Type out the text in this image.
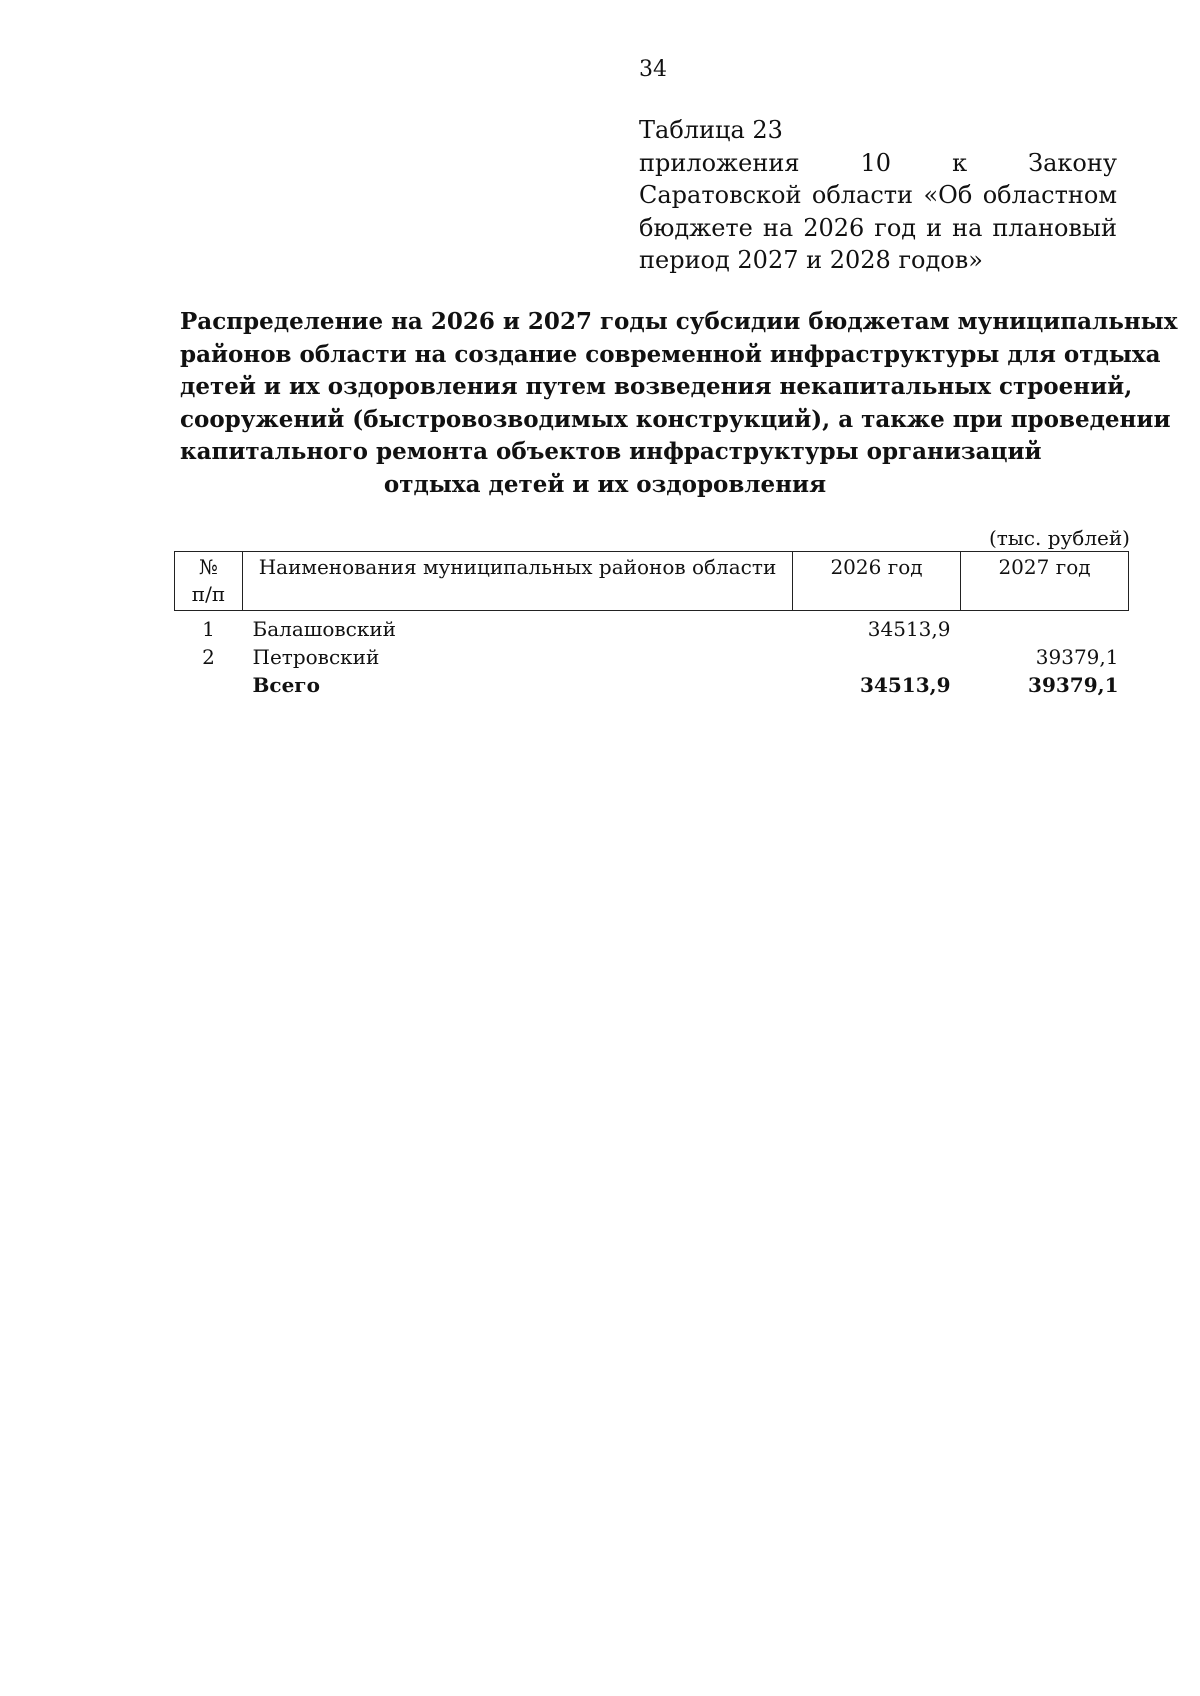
34
Таблица 23
приложения 10 к Закону Саратовской области «Об областном бюджете на 2026 год и на плановый период 2027 и 2028 годов»
Распределение на 2026 и 2027 годы субсидии бюджетам муниципальных
районов области на создание современной инфраструктуры для отдыха
детей и их оздоровления путем возведения некапитальных строений,
сооружений (быстровозводимых конструкций), а также при проведении
капитального ремонта объектов инфраструктуры организаций
отдыха детей и их оздоровления
(тыс. рублей)
№
п/п	Наименования муниципальных районов области	2026 год	2027 год

1	Балашовский	34513,9	
2	Петровский		39379,1
	Всего	34513,9	39379,1
